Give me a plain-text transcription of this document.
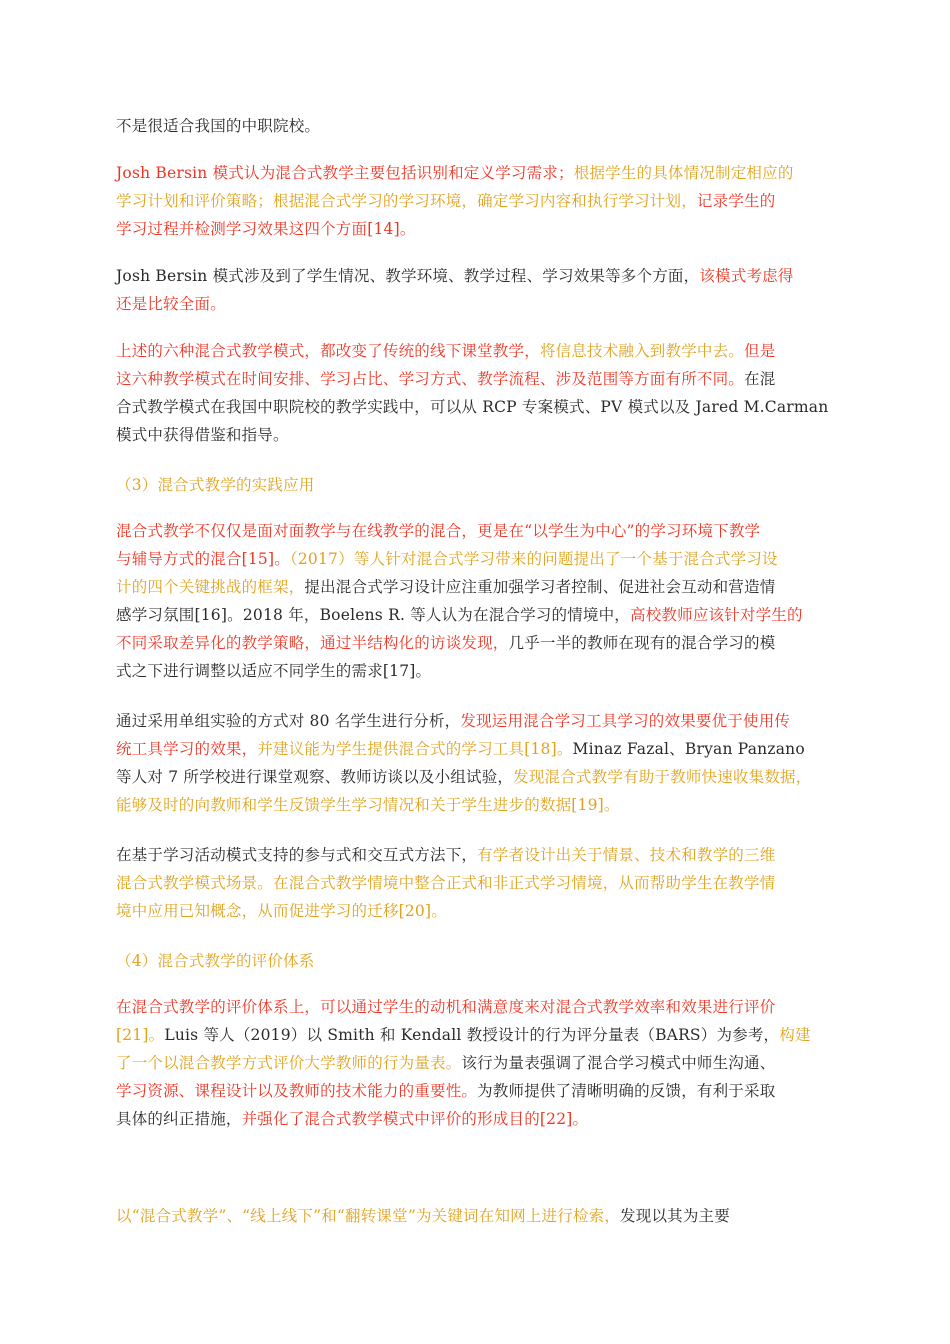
不是很适合我国的中职院校。
Josh Bersin 模式认为混合式教学主要包括识别和定义学习需求；根据学生的具体情况制定相应的
学习计划和评价策略；根据混合式学习的学习环境，确定学习内容和执行学习计划，记录学生的
学习过程并检测学习效果这四个方面[14]。
Josh Bersin 模式涉及到了学生情况、教学环境、教学过程、学习效果等多个方面，该模式考虑得
还是比较全面。
上述的六种混合式教学模式，都改变了传统的线下课堂教学，将信息技术融入到教学中去。但是
这六种教学模式在时间安排、学习占比、学习方式、教学流程、涉及范围等方面有所不同。在混
合式教学模式在我国中职院校的教学实践中，可以从 RCP 专案模式、PV 模式以及 Jared M.Carman
模式中获得借鉴和指导。
（3）混合式教学的实践应用
混合式教学不仅仅是面对面教学与在线教学的混合，更是在“以学生为中心”的学习环境下教学
与辅导方式的混合[15]。（2017）等人针对混合式学习带来的问题提出了一个基于混合式学习设
计的四个关键挑战的框架，提出混合式学习设计应注重加强学习者控制、促进社会互动和营造情
感学习氛围[16]。2018 年，Boelens R. 等人认为在混合学习的情境中，高校教师应该针对学生的
不同采取差异化的教学策略，通过半结构化的访谈发现，几乎一半的教师在现有的混合学习的模
式之下进行调整以适应不同学生的需求[17]。
通过采用单组实验的方式对 80 名学生进行分析，发现运用混合学习工具学习的效果要优于使用传
统工具学习的效果，并建议能为学生提供混合式的学习工具[18]。Minaz Fazal、Bryan Panzano
等人对 7 所学校进行课堂观察、教师访谈以及小组试验，发现混合式教学有助于教师快速收集数据，
能够及时的向教师和学生反馈学生学习情况和关于学生进步的数据[19]。
在基于学习活动模式支持的参与式和交互式方法下，有学者设计出关于情景、技术和教学的三维
混合式教学模式场景。在混合式教学情境中整合正式和非正式学习情境，从而帮助学生在教学情
境中应用已知概念，从而促进学习的迁移[20]。
（4）混合式教学的评价体系
在混合式教学的评价体系上，可以通过学生的动机和满意度来对混合式教学效率和效果进行评价
[21]。Luis 等人（2019）以 Smith 和 Kendall 教授设计的行为评分量表（BARS）为参考，构建
了一个以混合教学方式评价大学教师的行为量表。该行为量表强调了混合学习模式中师生沟通、
学习资源、课程设计以及教师的技术能力的重要性。为教师提供了清晰明确的反馈，有利于采取
具体的纠正措施，并强化了混合式教学模式中评价的形成目的[22]。
以“混合式教学”、“线上线下”和“翻转课堂”为关键词在知网上进行检索，发现以其为主要
